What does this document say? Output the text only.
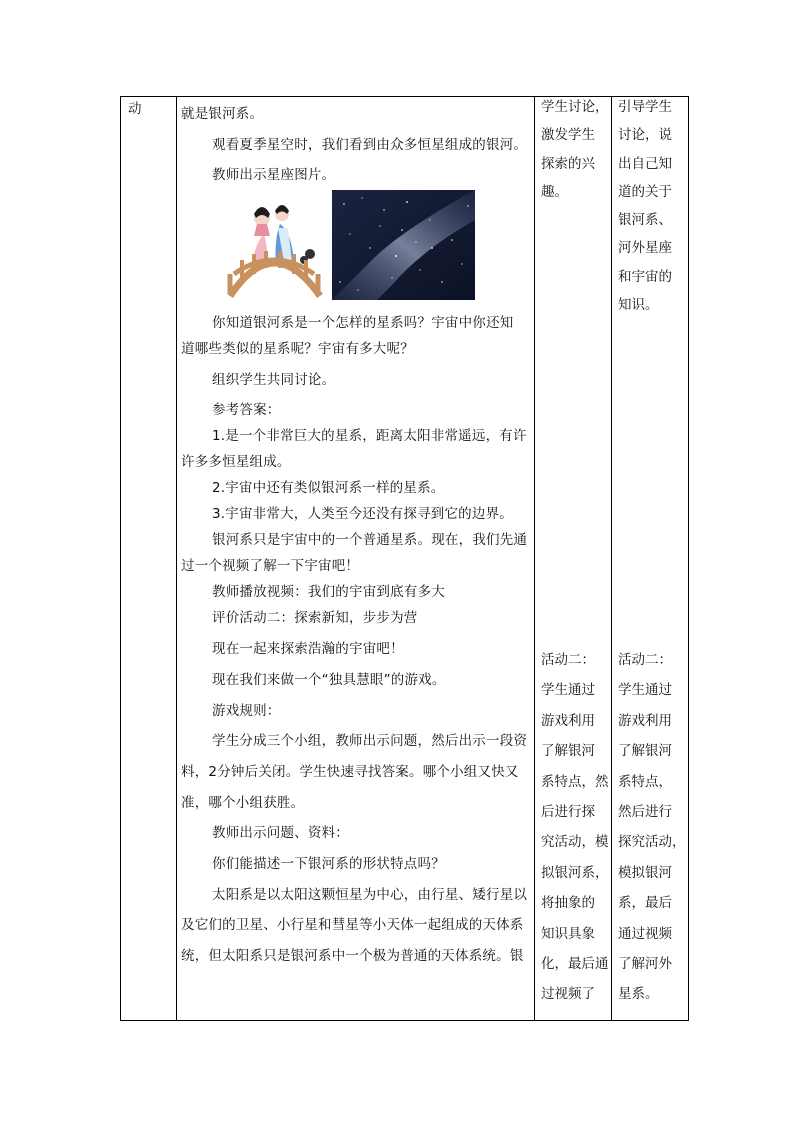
动	就是银河系。

观看夏季星空时，我们看到由众多恒星组成的银河。

教师出示星座图片。

你知道银河系是一个怎样的星系吗？宇宙中你还知

道哪些类似的星系呢？宇宙有多大呢？

组织学生共同讨论。

参考答案：

1.是一个非常巨大的星系，距离太阳非常遥远，有许

许多多恒星组成。

2.宇宙中还有类似银河系一样的星系。

3.宇宙非常大，人类至今还没有探寻到它的边界。

银河系只是宇宙中的一个普通星系。现在，我们先通

过一个视频了解一下宇宙吧！

教师播放视频：我们的宇宙到底有多大

评价活动二：探索新知，步步为营

现在一起来探索浩瀚的宇宙吧！

现在我们来做一个“独具慧眼”的游戏。

游戏规则：

学生分成三个小组，教师出示问题，然后出示一段资

料，2分钟后关闭。学生快速寻找答案。哪个小组又快又

准，哪个小组获胜。

教师出示问题、资料：

你们能描述一下银河系的形状特点吗？

太阳系是以太阳这颗恒星为中心，由行星、矮行星以

及它们的卫星、小行星和彗星等小天体一起组成的天体系

统，但太阳系只是银河系中一个极为普通的天体系统。银

学生讨论，

激发学生

探索的兴

趣。

引导学生

讨论，说

出自己知

道的关于

银河系、

河外星座

和宇宙的

知识。

活动二：

学生通过

游戏利用

了解银河

系特点，然

后进行探

究活动，模

拟银河系，

将抽象的

知识具象

化，最后通

过视频了

活动二：

学生通过

游戏利用

了解银河

系特点，

然后进行

探究活动，

模拟银河

系，最后

通过视频

了解河外

星系。
